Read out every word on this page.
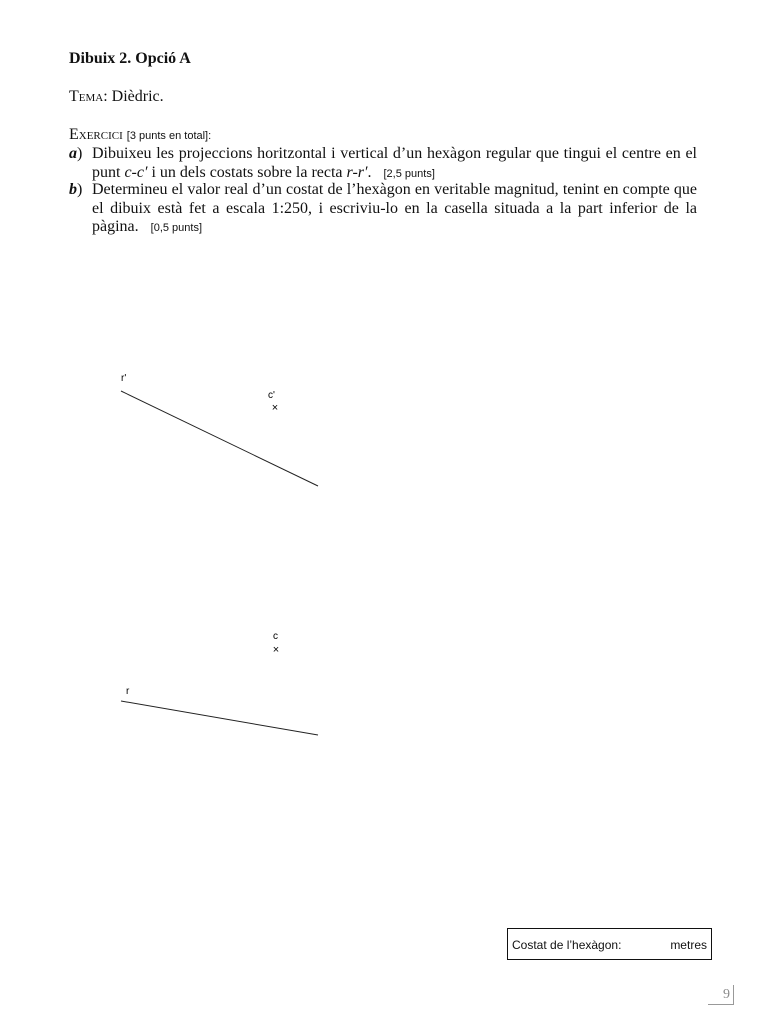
Dibuix 2. Opció A
Tema: Dièdric.
Exercici [3 punts en total]:
a) Dibuixeu les projeccions horitzontal i vertical d’un hexàgon regular que tingui el centre en el punt c-c′ i un dels costats sobre la recta r-r′. [2,5 punts]
b) Determineu el valor real d’un costat de l’hexàgon en veritable magnitud, tenint en compte que el dibuix està fet a escala 1:250, i escriviu-lo en la casella situada a la part inferior de la pàgina. [0,5 punts]
r'
c'
×
c
×
r
Costat de l’hexàgon:	metres
9
